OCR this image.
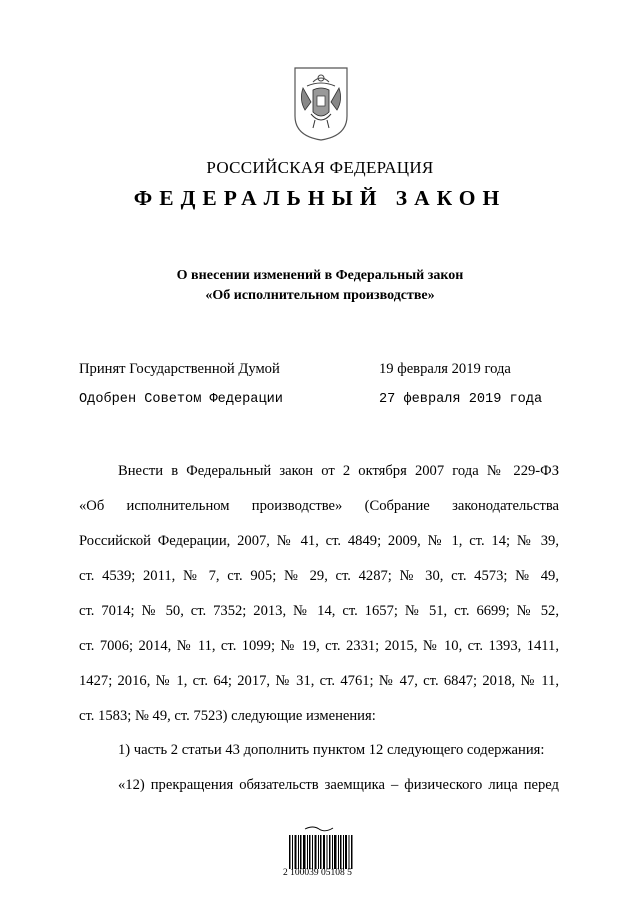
РОССИЙСКАЯ ФЕДЕРАЦИЯ
ФЕДЕРАЛЬНЫЙ ЗАКОН
О внесении изменений в Федеральный закон
«Об исполнительном производстве»
Принят Государственной Думой	19 февраля 2019 года
Одобрен Советом Федерации	27 февраля 2019 года
Внести в Федеральный закон от 2 октября 2007 года № 229-ФЗ
«Об исполнительном производстве» (Собрание законодательства
Российской Федерации, 2007, № 41, ст. 4849; 2009, № 1, ст. 14; № 39,
ст. 4539; 2011, № 7, ст. 905; № 29, ст. 4287; № 30, ст. 4573; № 49,
ст. 7014; № 50, ст. 7352; 2013, № 14, ст. 1657; № 51, ст. 6699; № 52,
ст. 7006; 2014, № 11, ст. 1099; № 19, ст. 2331; 2015, № 10, ст. 1393, 1411,
1427; 2016, № 1, ст. 64; 2017, № 31, ст. 4761; № 47, ст. 6847; 2018, № 11,
ст. 1583; № 49, ст. 7523) следующие изменения:
1) часть 2 статьи 43 дополнить пунктом 12 следующего содержания:
«12) прекращения обязательств заемщика – физического лица перед
2 100039 05108 5
